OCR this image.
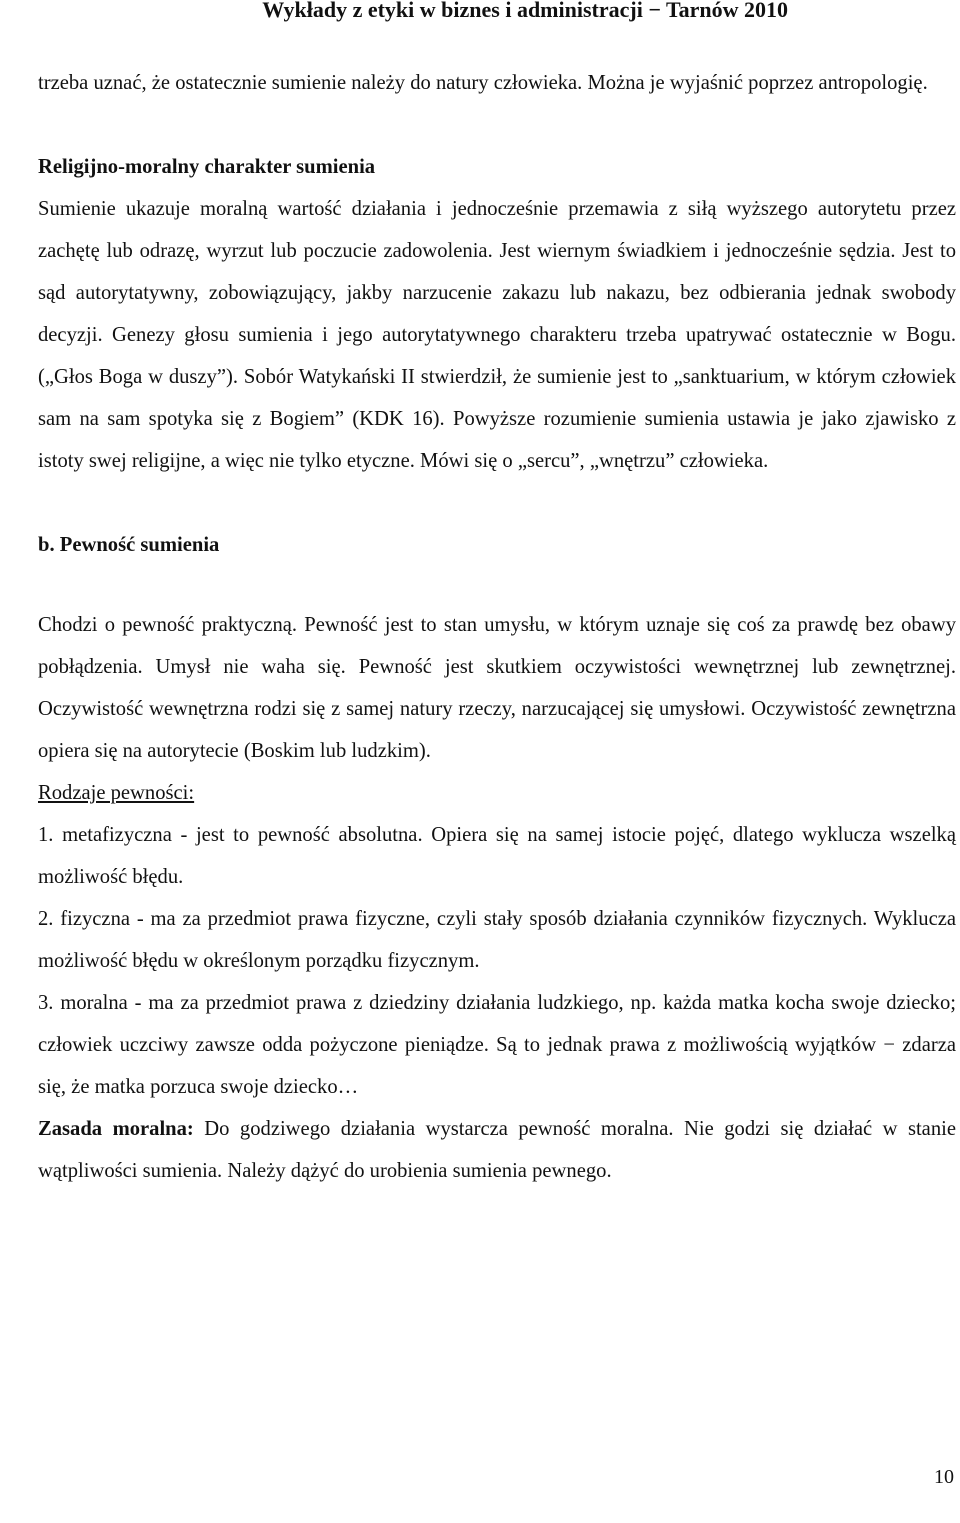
Wykłady z etyki w biznes i administracji − Tarnów 2010

trzeba uznać, że ostatecznie sumienie należy do natury człowieka. Można je wyjaśnić poprzez antropologię.

Religijno-moralny charakter sumienia

Sumienie ukazuje moralną wartość działania i jednocześnie przemawia z siłą wyższego autorytetu przez zachętę lub odrazę, wyrzut lub poczucie zadowolenia. Jest wiernym świadkiem i jednocześnie sędzia. Jest to sąd autorytatywny, zobowiązujący, jakby narzucenie zakazu lub nakazu, bez odbierania jednak swobody decyzji. Genezy głosu sumienia i jego autorytatywnego charakteru trzeba upatrywać ostatecznie w Bogu. („Głos Boga w duszy”). Sobór Watykański II stwierdził, że sumienie jest to „sanktuarium, w którym człowiek sam na sam spotyka się z Bogiem” (KDK 16). Powyższe rozumienie sumienia ustawia je jako zjawisko z istoty swej religijne, a więc nie tylko etyczne. Mówi się o „sercu”, „wnętrzu” człowieka.

b. Pewność sumienia

Chodzi o pewność praktyczną. Pewność jest to stan umysłu, w którym uznaje się coś za prawdę bez obawy pobłądzenia. Umysł nie waha się. Pewność jest skutkiem oczywistości wewnętrznej lub zewnętrznej. Oczywistość wewnętrzna rodzi się z samej natury rzeczy, narzucającej się umysłowi. Oczywistość zewnętrzna opiera się na autorytecie (Boskim lub ludzkim).

Rodzaje pewności:

1. metafizyczna - jest to pewność absolutna. Opiera się na samej istocie pojęć, dlatego wyklucza wszelką możliwość błędu.

2. fizyczna - ma za przedmiot prawa fizyczne, czyli stały sposób działania czynników fizycznych. Wyklucza możliwość błędu w określonym porządku fizycznym.

3. moralna - ma za przedmiot prawa z dziedziny działania ludzkiego, np. każda matka kocha swoje dziecko; człowiek uczciwy zawsze odda pożyczone pieniądze. Są to jednak prawa z możliwością wyjątków − zdarza się, że matka porzuca swoje dziecko…

Zasada moralna: Do godziwego działania wystarcza pewność moralna. Nie godzi się działać w stanie wątpliwości sumienia. Należy dążyć do urobienia sumienia pewnego.

10
